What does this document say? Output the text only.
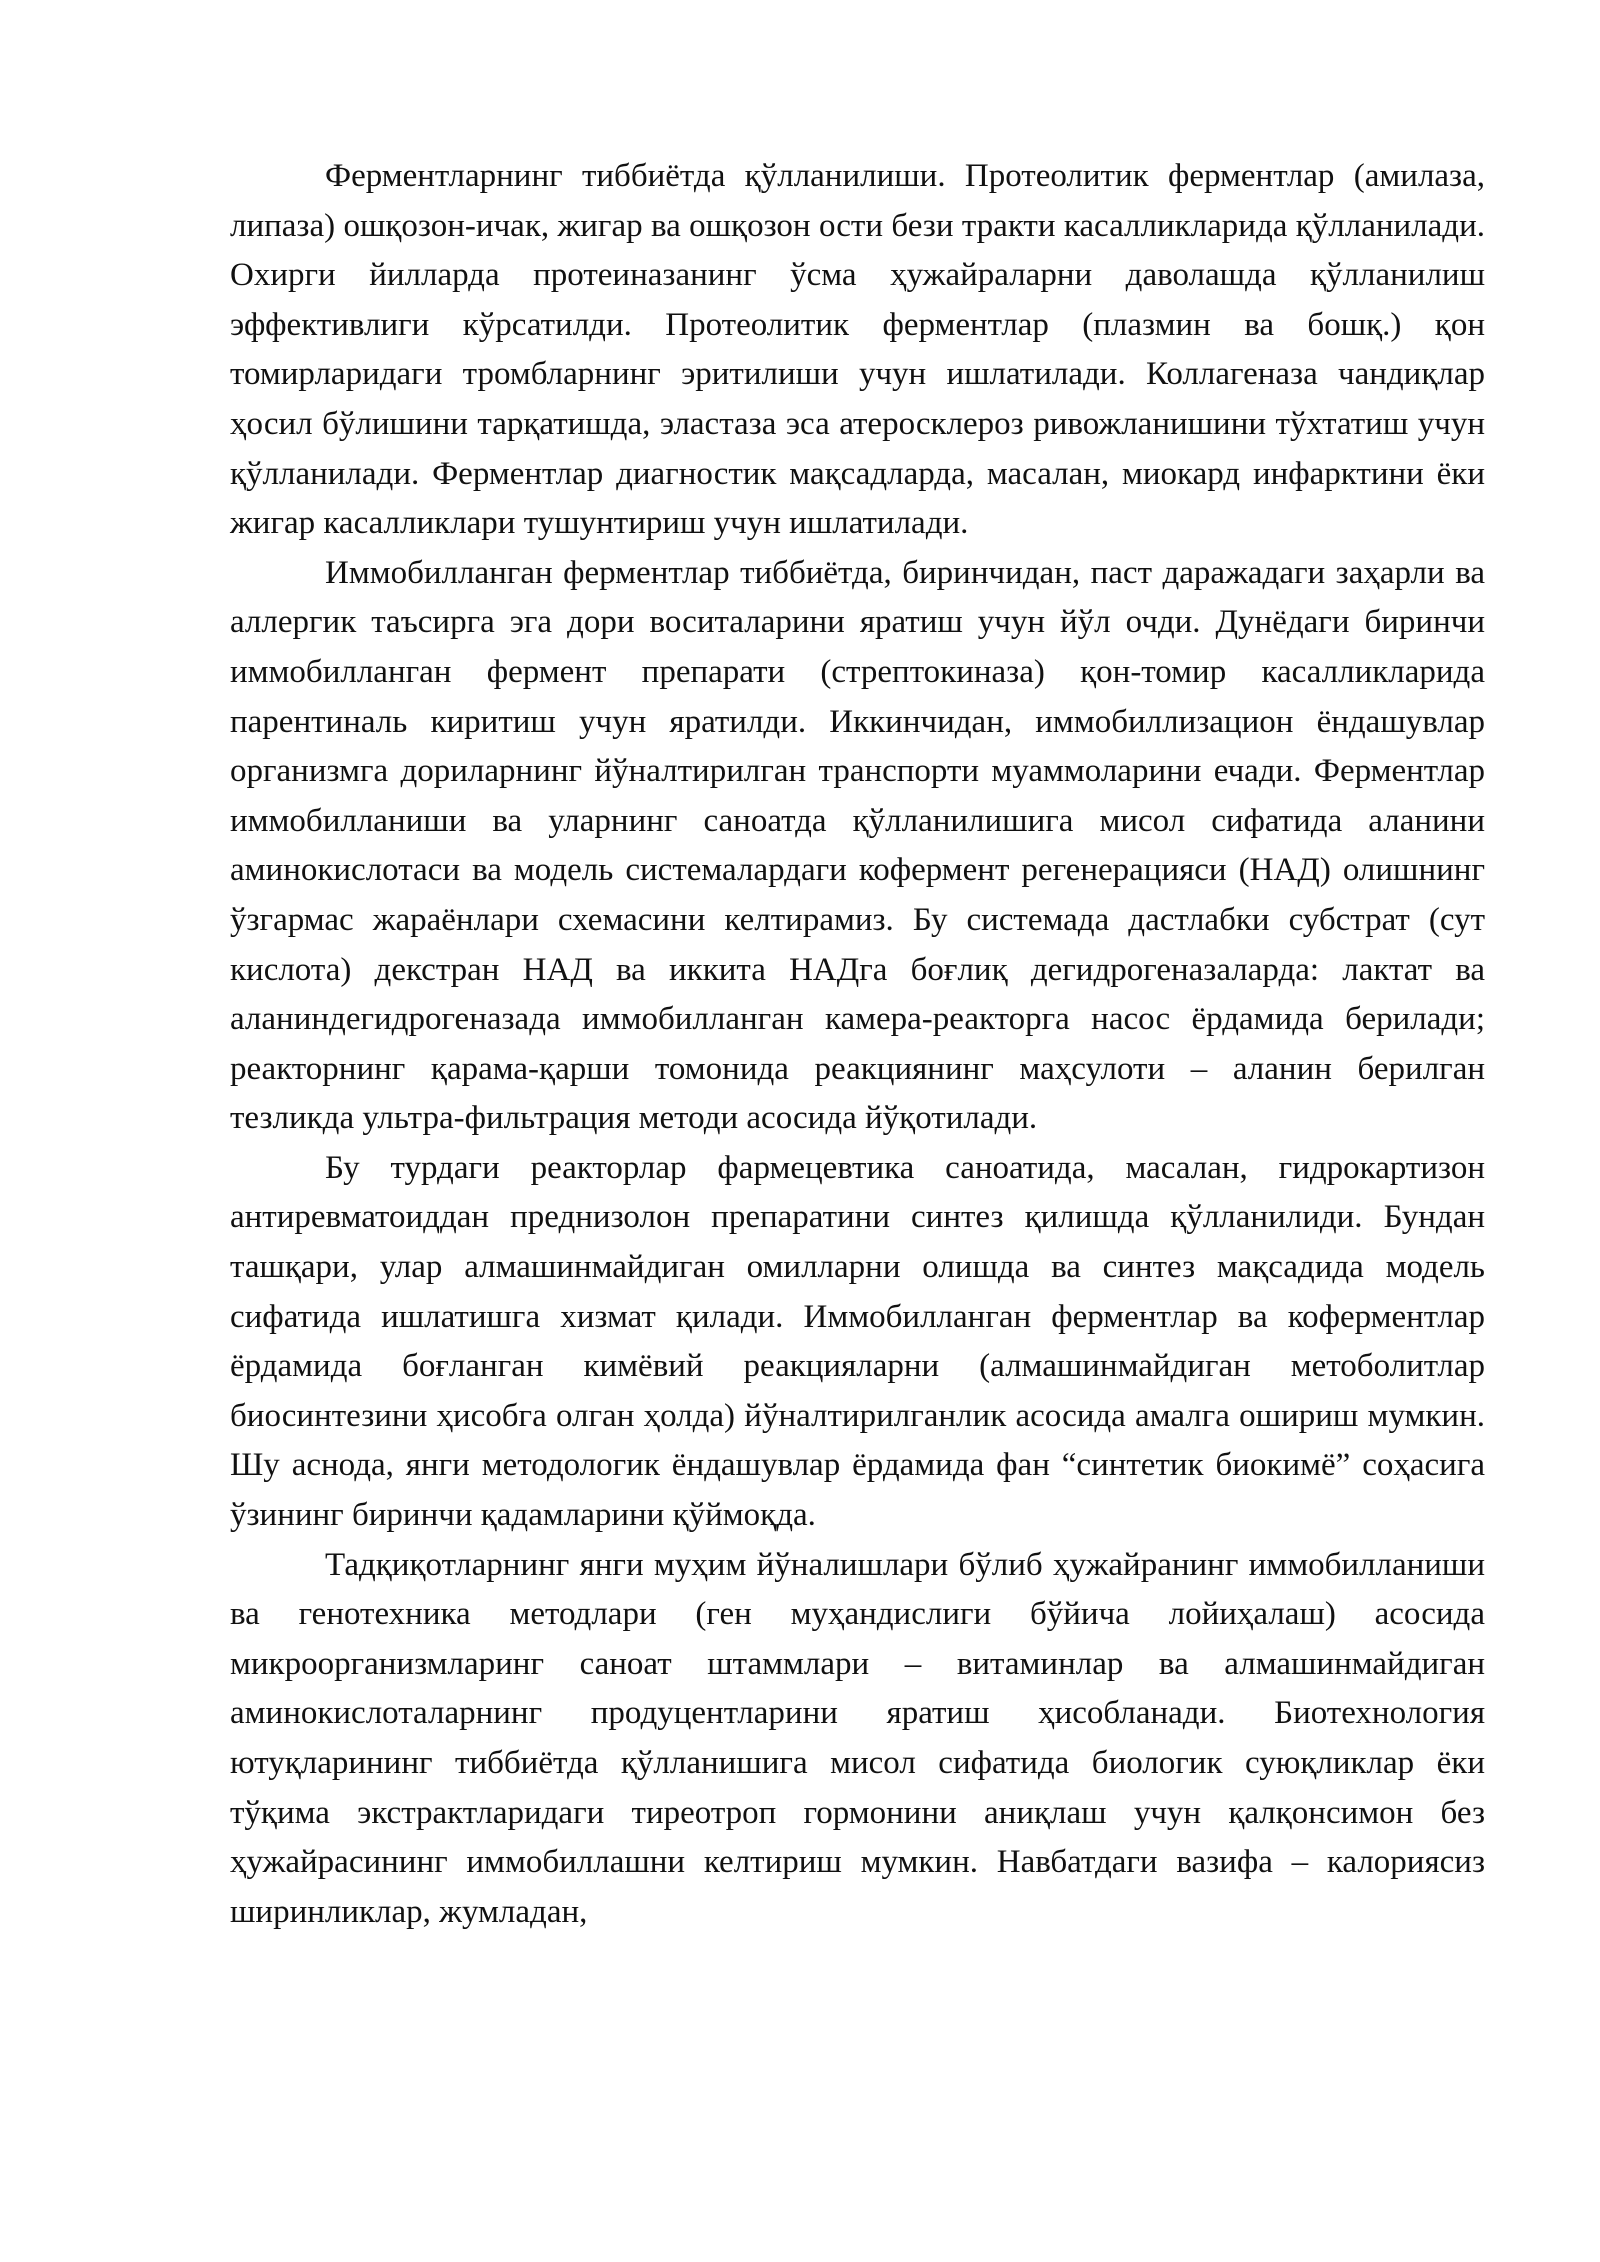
Ферментларнинг тиббиётда қўлланилиши. Протеолитик ферментлар (амилаза, липаза) ошқозон-ичак, жигар ва ошқозон ости бези тракти касалликларида қўлланилади. Охирги йилларда протеиназанинг ўсма ҳужайраларни даволашда қўлланилиш эффективлиги кўрсатилди. Протеолитик ферментлар (плазмин ва бошқ.) қон томирларидаги тромбларнинг эритилиши учун ишлатилади. Коллагеназа чандиқлар ҳосил бўлишини тарқатишда, эластаза эса атеросклероз ривожланишини тўхтатиш учун қўлланилади. Ферментлар диагностик мақсадларда, масалан, миокард инфарктини ёки жигар касалликлари тушунтириш учун ишлатилади.

Иммобилланган ферментлар тиббиётда, биринчидан, паст даражадаги заҳарли ва аллергик таъсирга эга дори воситаларини яратиш учун йўл очди. Дунёдаги биринчи иммобилланган фермент препарати (стрептокиназа) қон-томир касалликларида парентиналь киритиш учун яратилди. Иккинчидан, иммобиллизацион ёндашувлар организмга дориларнинг йўналтирилган транспорти муаммоларини ечади. Ферментлар иммобилланиши ва уларнинг саноатда қўлланилишига мисол сифатида аланини аминокислотаси ва модель системалардаги кофермент регенерацияси (НАД) олишнинг ўзгармас жараёнлари схемасини келтирамиз. Бу системада дастлабки субстрат (сут кислота) декстран НАД ва иккита НАДга боғлиқ дегидрогеназаларда: лактат ва аланиндегидрогеназада иммобилланган камера-реакторга насос ёрдамида берилади; реакторнинг қарама-қарши томонида реакциянинг маҳсулоти – аланин берилган тезликда ультра-фильтрация методи асосида йўқотилади.

Бу турдаги реакторлар фармецевтика саноатида, масалан, гидрокартизон антиревматоиддан преднизолон препаратини синтез қилишда қўлланилиди. Бундан ташқари, улар алмашинмайдиган омилларни олишда ва синтез мақсадида модель сифатида ишлатишга хизмат қилади. Иммобилланган ферментлар ва коферментлар ёрдамида боғланган кимёвий реакцияларни (алмашинмайдиган метоболитлар биосинтезини ҳисобга олган ҳолда) йўналтирилганлик асосида амалга ошириш мумкин. Шу аснода, янги методологик ёндашувлар ёрдамида фан “синтетик биокимё” соҳасига ўзининг биринчи қадамларини қўймоқда.

Тадқиқотларнинг янги муҳим йўналишлари бўлиб ҳужайранинг иммобилланиши ва генотехника методлари (ген муҳандислиги бўйича лойиҳалаш) асосида микроорганизмларинг саноат штаммлари – витаминлар ва алмашинмайдиган аминокислоталарнинг продуцентларини яратиш ҳисобланади. Биотехнология ютуқларининг тиббиётда қўлланишига мисол сифатида биологик суюқликлар ёки тўқима экстрактларидаги тиреотроп гормонини аниқлаш учун қалқонсимон без ҳужайрасининг иммобиллашни келтириш мумкин. Навбатдаги вазифа – калориясиз ширинликлар, жумладан,
